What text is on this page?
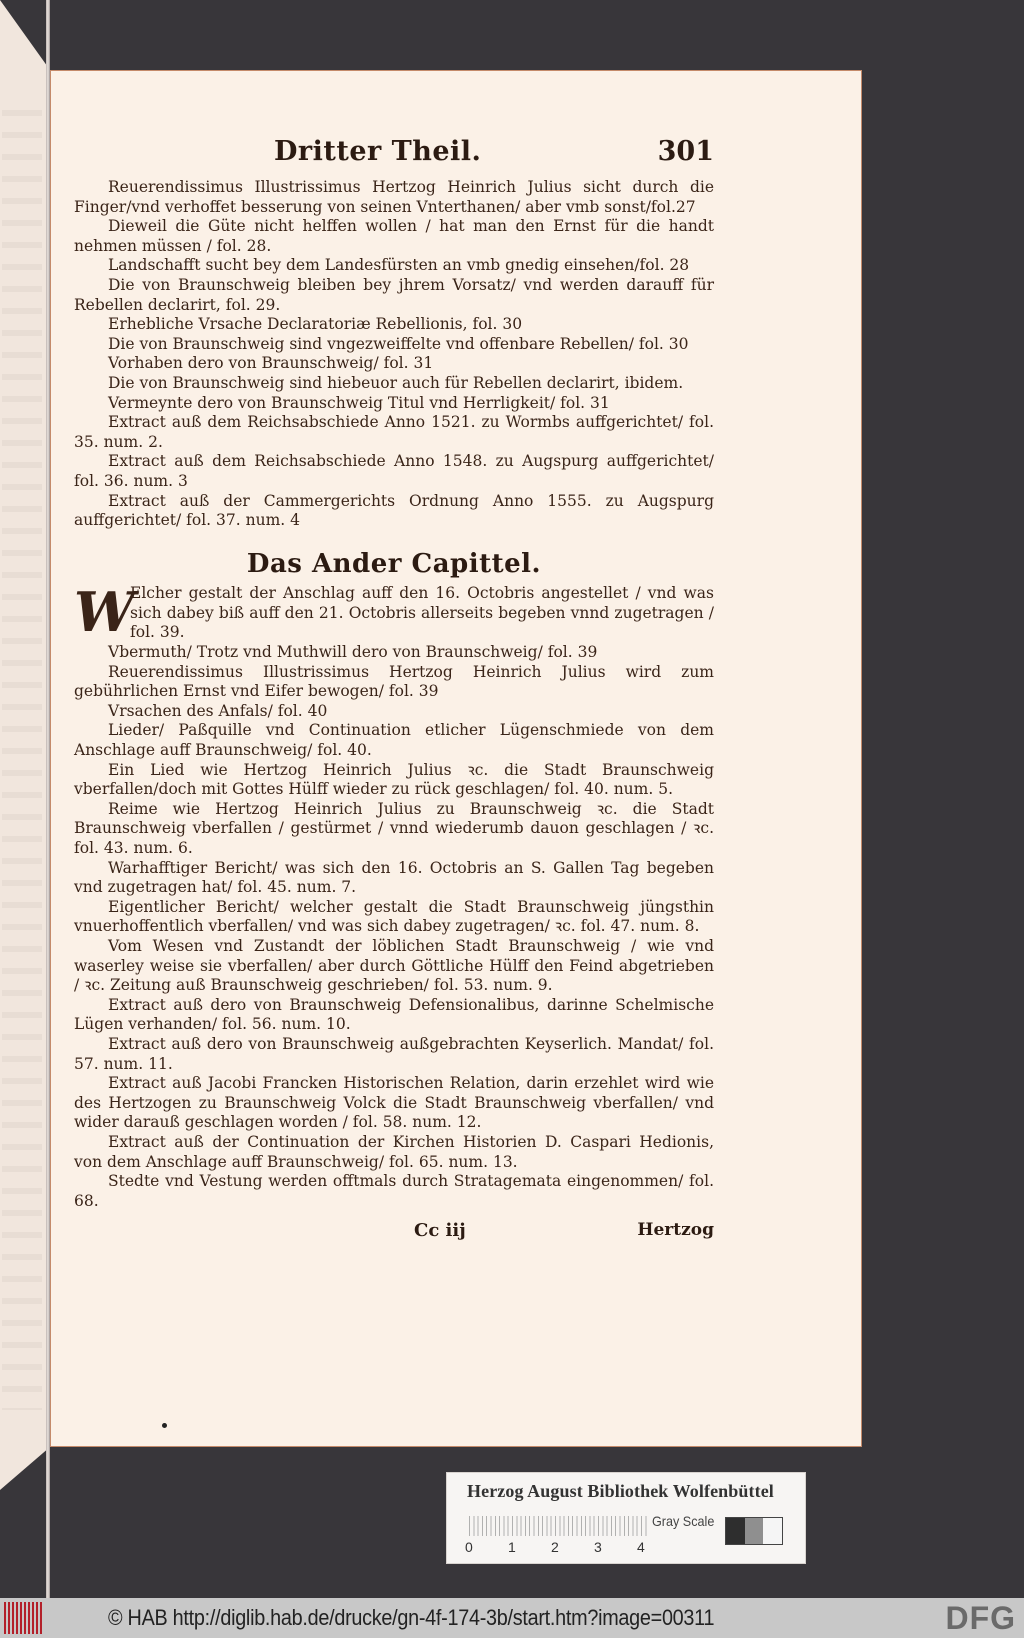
Dritter Theil.	301

Reuerendissimus Illustrissimus Hertzog Heinrich Julius sicht durch die Finger/vnd verhoffet besserung von seinen Vnterthanen/ aber vmb sonst/fol.27

Dieweil die Güte nicht helffen wollen / hat man den Ernst für die handt nehmen müssen / fol. 28.

Landschafft sucht bey dem Landesfürsten an vmb gnedig einsehen/fol. 28

Die von Braunschweig bleiben bey jhrem Vorsatz/ vnd werden darauff für Rebellen declarirt, fol. 29.

Erhebliche Vrsache Declaratoriæ Rebellionis, fol. 30

Die von Braunschweig sind vngezweiffelte vnd offenbare Rebellen/ fol. 30

Vorhaben dero von Braunschweig/ fol. 31

Die von Braunschweig sind hiebeuor auch für Rebellen declarirt, ibidem.

Vermeynte dero von Braunschweig Titul vnd Herrligkeit/ fol. 31

Extract auß dem Reichsabschiede Anno 1521. zu Wormbs auffgerichtet/ fol. 35. num. 2.

Extract auß dem Reichsabschiede Anno 1548. zu Augspurg auffgerichtet/ fol. 36. num. 3

Extract auß der Cammergerichts Ordnung Anno 1555. zu Augspurg auffgerichtet/ fol. 37. num. 4

Das Ander Capittel.
W

Elcher gestalt der Anschlag auff den 16. Octobris angestellet / vnd was sich dabey biß auff den 21. Octobris allerseits begeben vnnd zugetragen / fol. 39.

Vbermuth/ Trotz vnd Muthwill dero von Braunschweig/ fol. 39

Reuerendissimus Illustrissimus Hertzog Heinrich Julius wird zum gebührlichen Ernst vnd Eifer bewogen/ fol. 39

Vrsachen des Anfals/ fol. 40

Lieder/ Paßquille vnd Continuation etlicher Lügenschmiede von dem Anschlage auff Braunschweig/ fol. 40.

Ein Lied wie Hertzog Heinrich Julius ꝛc. die Stadt Braunschweig vberfallen/doch mit Gottes Hülff wieder zu rück geschlagen/ fol. 40. num. 5.

Reime wie Hertzog Heinrich Julius zu Braunschweig ꝛc. die Stadt Braunschweig vberfallen / gestürmet / vnnd wiederumb dauon geschlagen / ꝛc. fol. 43. num. 6.

Warhafftiger Bericht/ was sich den 16. Octobris an S. Gallen Tag begeben vnd zugetragen hat/ fol. 45. num. 7.

Eigentlicher Bericht/ welcher gestalt die Stadt Braunschweig jüngsthin vnuerhoffentlich vberfallen/ vnd was sich dabey zugetragen/ ꝛc. fol. 47. num. 8.

Vom Wesen vnd Zustandt der löblichen Stadt Braunschweig / wie vnd waserley weise sie vberfallen/ aber durch Göttliche Hülff den Feind abgetrieben / ꝛc. Zeitung auß Braunschweig geschrieben/ fol. 53. num. 9.

Extract auß dero von Braunschweig Defensionalibus, darinne Schelmische Lügen verhanden/ fol. 56. num. 10.

Extract auß dero von Braunschweig außgebrachten Keyserlich. Mandat/ fol. 57. num. 11.

Extract auß Jacobi Francken Historischen Relation, darin erzehlet wird wie des Hertzogen zu Braunschweig Volck die Stadt Braunschweig vberfallen/ vnd wider darauß geschlagen worden / fol. 58. num. 12.

Extract auß der Continuation der Kirchen Historien D. Caspari Hedionis, von dem Anschlage auff Braunschweig/ fol. 65. num. 13.

Stedte vnd Vestung werden offtmals durch Stratagemata eingenommen/ fol. 68.

Cc iij	Hertzog
Herzog August Bibliothek Wolfenbüttel
0	1	2	3	4
Gray Scale
© HAB http://diglib.hab.de/drucke/gn-4f-174-3b/start.htm?image=00311	DFG
